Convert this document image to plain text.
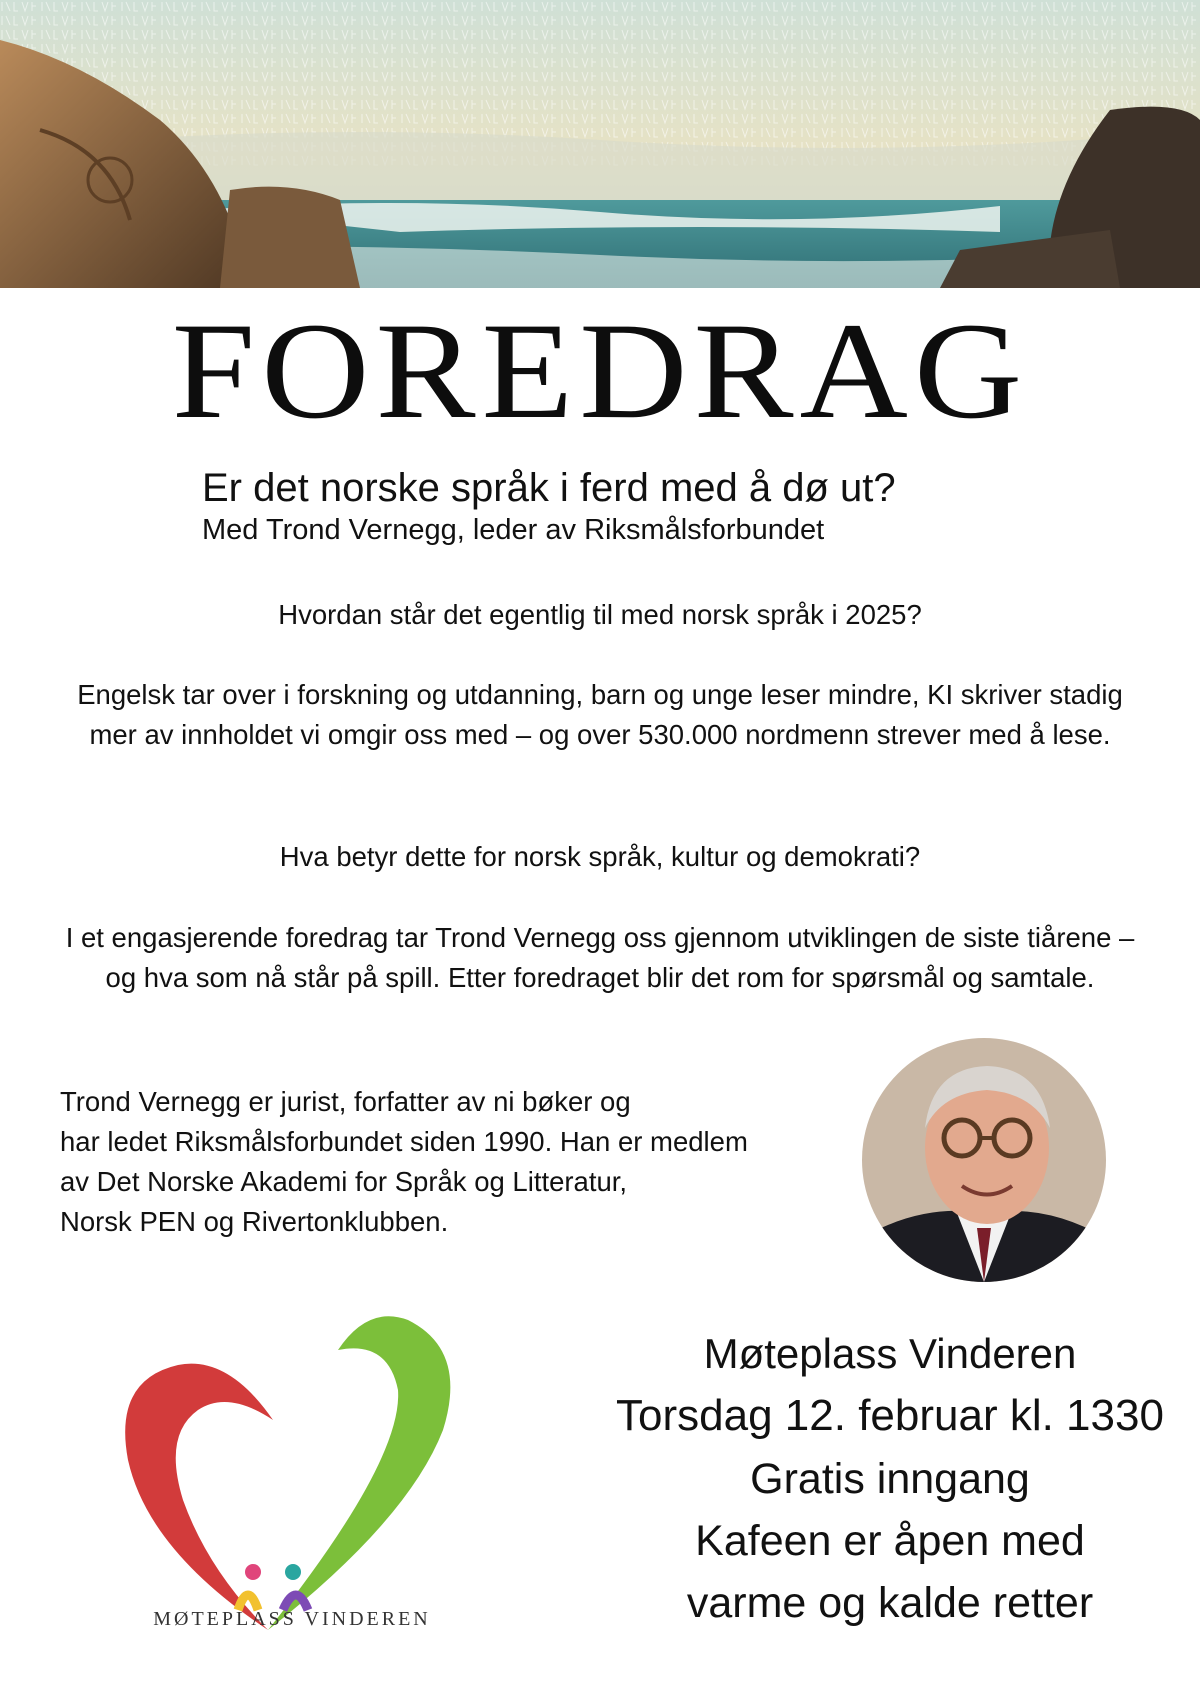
FOREDRAG
Er det norske språk i ferd med å dø ut?
Med Trond Vernegg, leder av Riksmålsforbundet
Hvordan står det egentlig til med norsk språk i 2025?
Engelsk tar over i forskning og utdanning, barn og unge leser mindre, KI skriver stadig mer av innholdet vi omgir oss med – og over 530.000 nordmenn strever med å lese.
Hva betyr dette for norsk språk, kultur og demokrati?
I et engasjerende foredrag tar Trond Vernegg oss gjennom utviklingen de siste tiårene – og hva som nå står på spill. Etter foredraget blir det rom for spørsmål og samtale.
Trond Vernegg er jurist, forfatter av ni bøker og
har ledet Riksmålsforbundet siden 1990. Han er medlem
av Det Norske Akademi for Språk og Litteratur,
Norsk PEN og Rivertonklubben.
MØTEPLASS VINDEREN
Møteplass Vinderen
Torsdag 12. februar kl. 1330
Gratis inngang
Kafeen er åpen med
varme og kalde retter
